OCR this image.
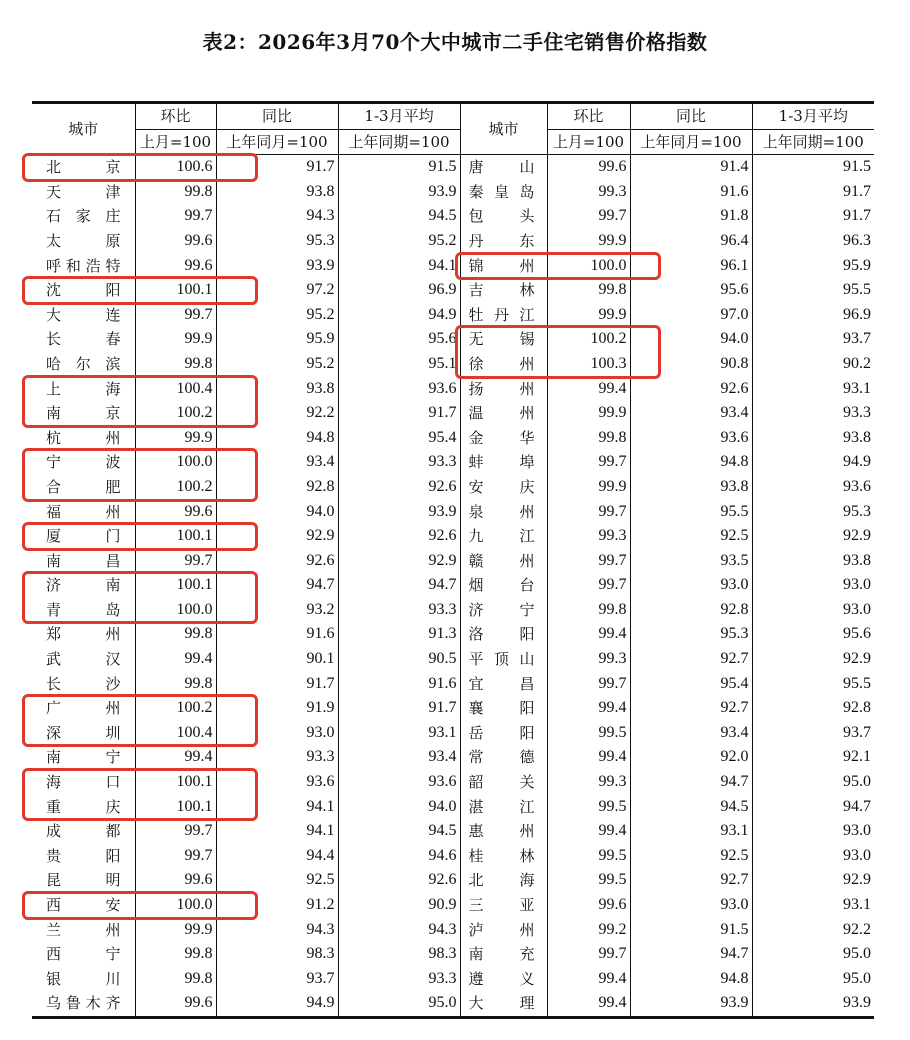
表2：2026年3月70个大中城市二手住宅销售价格指数
城市	环比	同比	1-3月平均	城市	环比	同比	1-3月平均
	上月=100	上年同月=100	上年同期=100		上月=100	上年同月=100	上年同期=100
北　京	100.6	91.7	91.5	唐　山	99.6	91.4	91.5
天　津	99.8	93.8	93.9	秦皇岛	99.3	91.6	91.7
石家庄	99.7	94.3	94.5	包　头	99.7	91.8	91.7
太　原	99.6	95.3	95.2	丹　东	99.9	96.4	96.3
呼和浩特	99.6	93.9	94.1	锦　州	100.0	96.1	95.9
沈　阳	100.1	97.2	96.9	吉　林	99.8	95.6	95.5
大　连	99.7	95.2	94.9	牡丹江	99.9	97.0	96.9
长　春	99.9	95.9	95.6	无　锡	100.2	94.0	93.7
哈尔滨	99.8	95.2	95.1	徐　州	100.3	90.8	90.2
上　海	100.4	93.8	93.6	扬　州	99.4	92.6	93.1
南　京	100.2	92.2	91.7	温　州	99.9	93.4	93.3
杭　州	99.9	94.8	95.4	金　华	99.8	93.6	93.8
宁　波	100.0	93.4	93.3	蚌　埠	99.7	94.8	94.9
合　肥	100.2	92.8	92.6	安　庆	99.9	93.8	93.6
福　州	99.6	94.0	93.9	泉　州	99.7	95.5	95.3
厦　门	100.1	92.9	92.6	九　江	99.3	92.5	92.9
南　昌	99.7	92.6	92.9	赣　州	99.7	93.5	93.8
济　南	100.1	94.7	94.7	烟　台	99.7	93.0	93.0
青　岛	100.0	93.2	93.3	济　宁	99.8	92.8	93.0
郑　州	99.8	91.6	91.3	洛　阳	99.4	95.3	95.6
武　汉	99.4	90.1	90.5	平顶山	99.3	92.7	92.9
长　沙	99.8	91.7	91.6	宜　昌	99.7	95.4	95.5
广　州	100.2	91.9	91.7	襄　阳	99.4	92.7	92.8
深　圳	100.4	93.0	93.1	岳　阳	99.5	93.4	93.7
南　宁	99.4	93.3	93.4	常　德	99.4	92.0	92.1
海　口	100.1	93.6	93.6	韶　关	99.3	94.7	95.0
重　庆	100.1	94.1	94.0	湛　江	99.5	94.5	94.7
成　都	99.7	94.1	94.5	惠　州	99.4	93.1	93.0
贵　阳	99.7	94.4	94.6	桂　林	99.5	92.5	93.0
昆　明	99.6	92.5	92.6	北　海	99.5	92.7	92.9
西　安	100.0	91.2	90.9	三　亚	99.6	93.0	93.1
兰　州	99.9	94.3	94.3	泸　州	99.2	91.5	92.2
西　宁	99.8	98.3	98.3	南　充	99.7	94.7	95.0
银　川	99.8	93.7	93.3	遵　义	99.4	94.8	95.0
乌鲁木齐	99.6	94.9	95.0	大　理	99.4	93.9	93.9
